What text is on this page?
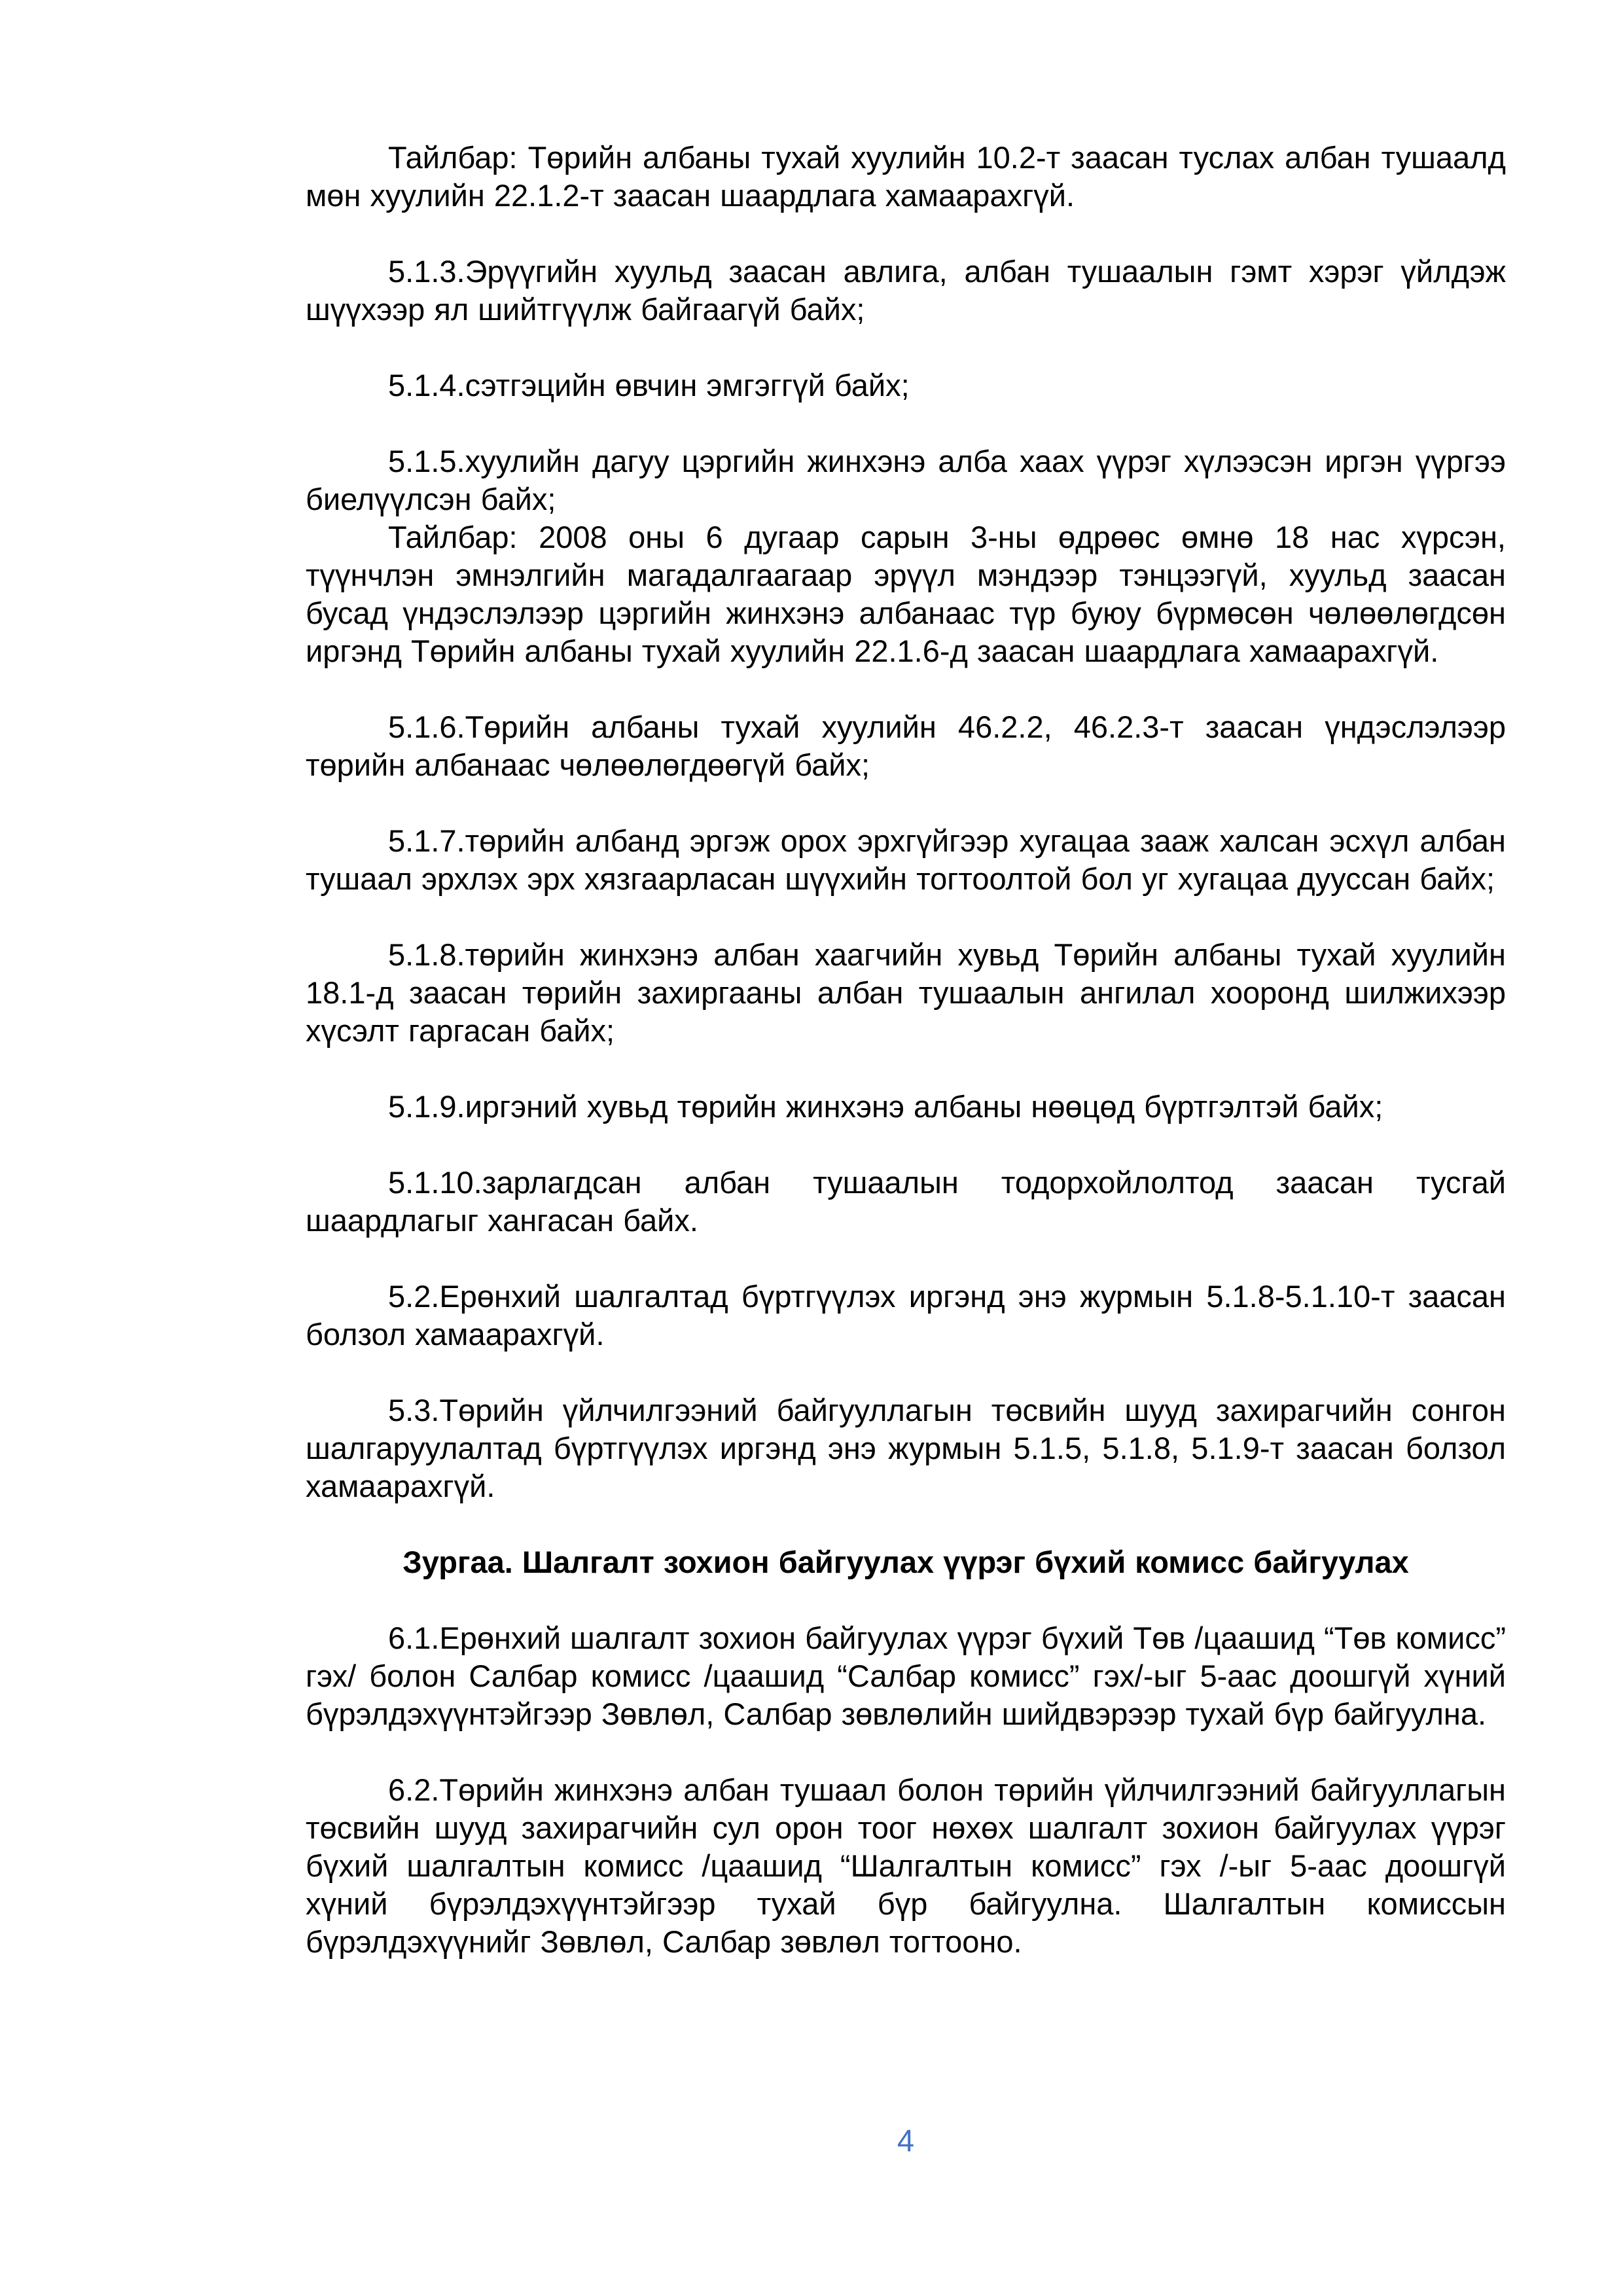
Тайлбар: Төрийн албаны тухай хуулийн 10.2-т заасан туслах албан тушаалд мөн хуулийн 22.1.2-т заасан шаардлага хамаарахгүй.

5.1.3.Эрүүгийн хуульд заасан авлига, албан тушаалын гэмт хэрэг үйлдэж шүүхээр ял шийтгүүлж байгаагүй байх;

5.1.4.сэтгэцийн өвчин эмгэггүй байх;

5.1.5.хуулийн дагуу цэргийн жинхэнэ алба хаах үүрэг хүлээсэн иргэн үүргээ биелүүлсэн байх;

Тайлбар: 2008 оны 6 дугаар сарын 3-ны өдрөөс өмнө 18 нас хүрсэн, түүнчлэн эмнэлгийн магадалгаагаар эрүүл мэндээр тэнцээгүй, хуульд заасан бусад үндэслэлээр цэргийн жинхэнэ албанаас түр буюу бүрмөсөн чөлөөлөгдсөн иргэнд Төрийн албаны тухай хуулийн 22.1.6-д заасан шаардлага хамаарахгүй.

5.1.6.Төрийн албаны тухай хуулийн 46.2.2, 46.2.3-т заасан үндэслэлээр төрийн албанаас чөлөөлөгдөөгүй байх;

5.1.7.төрийн албанд эргэж орох эрхгүйгээр хугацаа зааж халсан эсхүл албан тушаал эрхлэх эрх хязгаарласан шүүхийн тогтоолтой бол уг хугацаа дууссан байх;

5.1.8.төрийн жинхэнэ албан хаагчийн хувьд Төрийн албаны тухай хуулийн 18.1-д заасан төрийн захиргааны албан тушаалын ангилал хооронд шилжихээр хүсэлт гаргасан байх;

5.1.9.иргэний хувьд төрийн жинхэнэ албаны нөөцөд бүртгэлтэй байх;

5.1.10.зарлагдсан албан тушаалын тодорхойлолтод заасан тусгай шаардлагыг хангасан байх.

5.2.Ерөнхий шалгалтад бүртгүүлэх иргэнд энэ журмын 5.1.8-5.1.10-т заасан болзол хамаарахгүй.

5.3.Төрийн үйлчилгээний байгууллагын төсвийн шууд захирагчийн сонгон шалгаруулалтад бүртгүүлэх иргэнд энэ журмын 5.1.5, 5.1.8, 5.1.9-т заасан болзол хамаарахгүй.

Зургаа. Шалгалт зохион байгуулах үүрэг бүхий комисс байгуулах

6.1.Ерөнхий шалгалт зохион байгуулах үүрэг бүхий Төв /цаашид “Төв комисс” гэх/ болон Салбар комисс /цаашид “Салбар комисс” гэх/-ыг 5-аас доошгүй хүний бүрэлдэхүүнтэйгээр Зөвлөл, Салбар зөвлөлийн шийдвэрээр тухай бүр байгуулна.

6.2.Төрийн жинхэнэ албан тушаал болон төрийн үйлчилгээний байгууллагын төсвийн шууд захирагчийн сул орон тоог нөхөх шалгалт зохион байгуулах үүрэг бүхий шалгалтын комисс /цаашид “Шалгалтын комисс” гэх /-ыг 5-аас доошгүй хүний бүрэлдэхүүнтэйгээр тухай бүр байгуулна. Шалгалтын комиссын бүрэлдэхүүнийг Зөвлөл, Салбар зөвлөл тогтооно.

4
